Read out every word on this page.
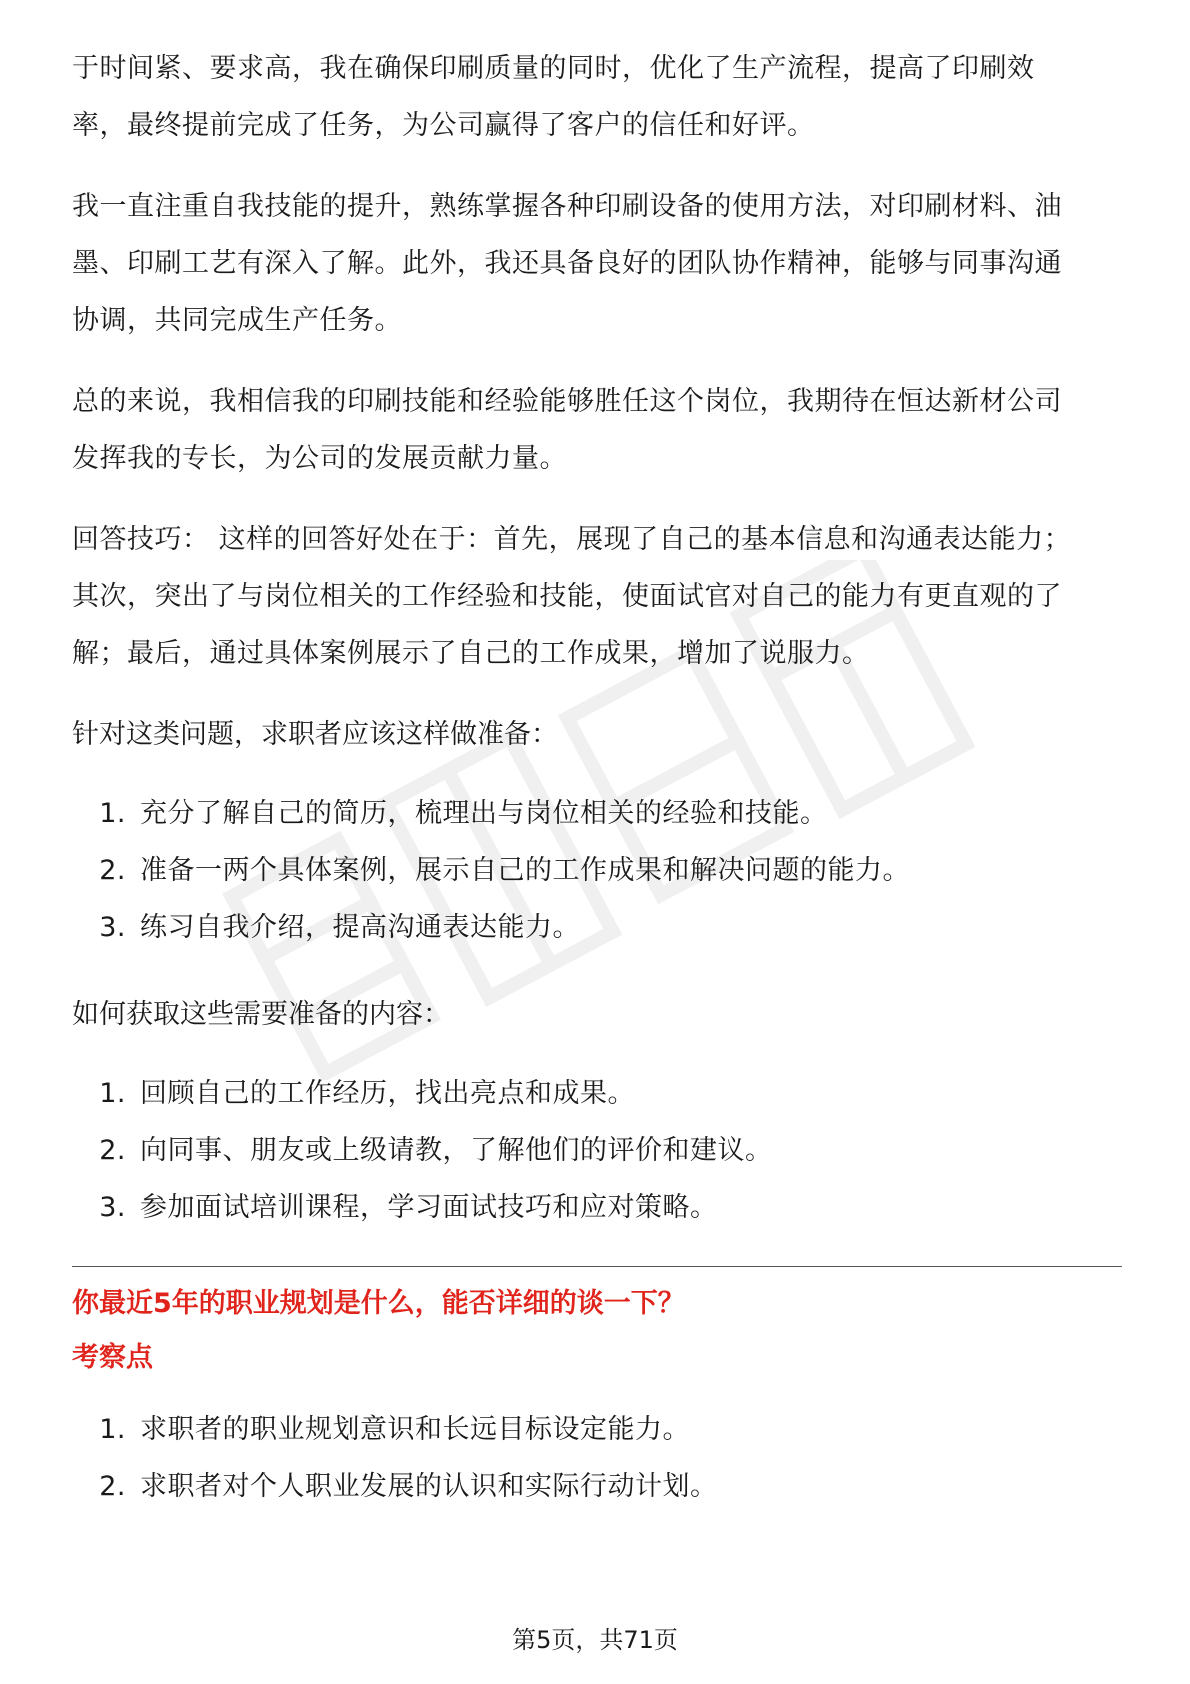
于时间紧、要求高，我在确保印刷质量的同时，优化了生产流程，提高了印刷效
率，最终提前完成了任务，为公司赢得了客户的信任和好评。
我一直注重自我技能的提升，熟练掌握各种印刷设备的使用方法，对印刷材料、油
墨、印刷工艺有深入了解。此外，我还具备良好的团队协作精神，能够与同事沟通
协调，共同完成生产任务。
总的来说，我相信我的印刷技能和经验能够胜任这个岗位，我期待在恒达新材公司
发挥我的专长，为公司的发展贡献力量。
回答技巧： 这样的回答好处在于：首先，展现了自己的基本信息和沟通表达能力；
其次，突出了与岗位相关的工作经验和技能，使面试官对自己的能力有更直观的了
解；最后，通过具体案例展示了自己的工作成果，增加了说服力。
针对这类问题，求职者应该这样做准备：
1. 充分了解自己的简历，梳理出与岗位相关的经验和技能。
2. 准备一两个具体案例，展示自己的工作成果和解决问题的能力。
3. 练习自我介绍，提高沟通表达能力。
如何获取这些需要准备的内容：
1. 回顾自己的工作经历，找出亮点和成果。
2. 向同事、朋友或上级请教，了解他们的评价和建议。
3. 参加面试培训课程，学习面试技巧和应对策略。
你最近5年的职业规划是什么，能否详细的谈一下？
考察点
1. 求职者的职业规划意识和长远目标设定能力。
2. 求职者对个人职业发展的认识和实际行动计划。
第5页，共71页
